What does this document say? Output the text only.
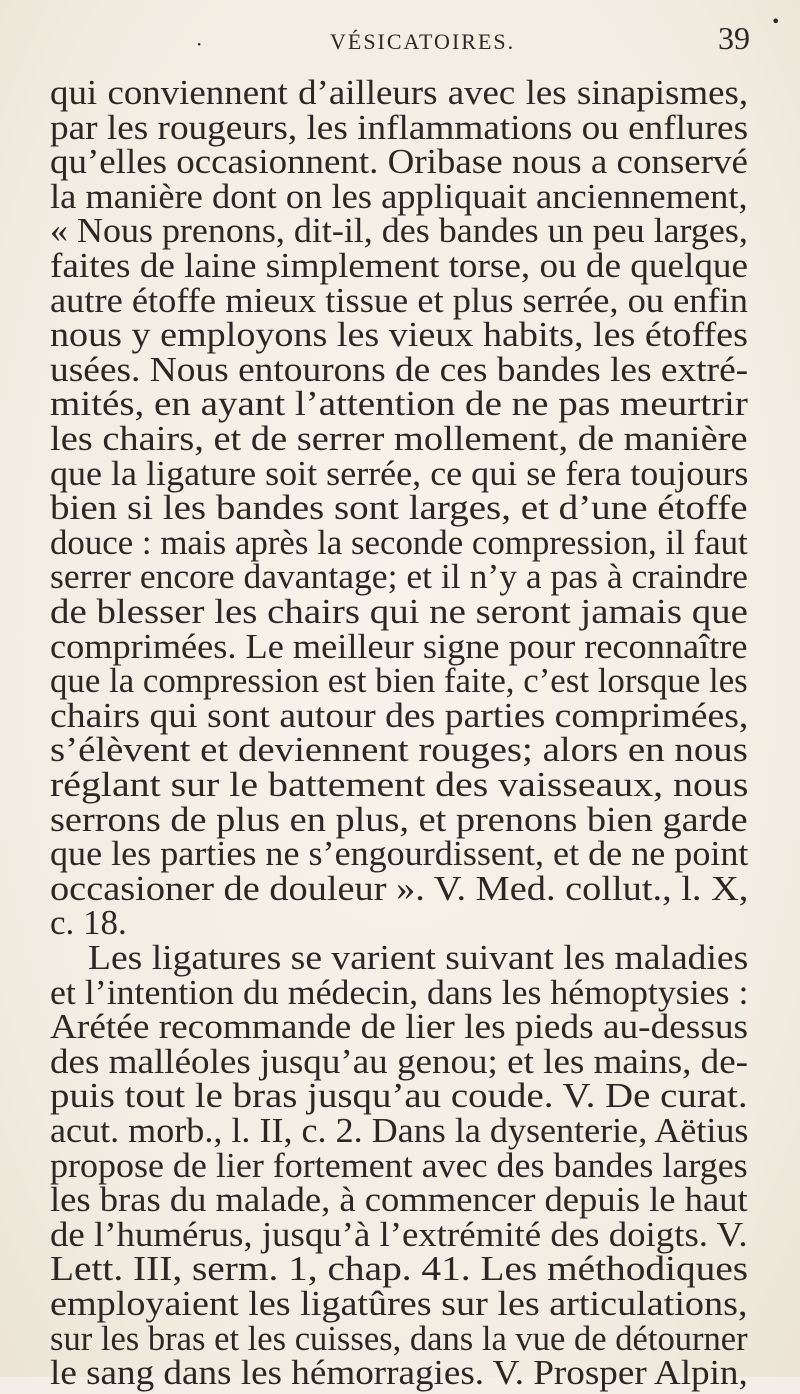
·	VÉSICATOIRES.	39 •
qui conviennent d’ailleurs avec les sinapismes,
par les rougeurs, les inflammations ou enflures
qu’elles occasionnent. Oribase nous a conservé
la manière dont on les appliquait anciennement,
« Nous prenons, dit-il, des bandes un peu larges,
faites de laine simplement torse, ou de quelque
autre étoffe mieux tissue et plus serrée, ou enfin
nous y employons les vieux habits, les étoffes
usées. Nous entourons de ces bandes les extré-
mités, en ayant l’attention de ne pas meurtrir
les chairs, et de serrer mollement, de manière
que la ligature soit serrée, ce qui se fera toujours
bien si les bandes sont larges, et d’une étoffe
douce : mais après la seconde compression, il faut
serrer encore davantage; et il n’y a pas à craindre
de blesser les chairs qui ne seront jamais que
comprimées. Le meilleur signe pour reconnaître
que la compression est bien faite, c’est lorsque les
chairs qui sont autour des parties comprimées,
s’élèvent et deviennent rouges; alors en nous
réglant sur le battement des vaisseaux, nous
serrons de plus en plus, et prenons bien garde
que les parties ne s’engourdissent, et de ne point
occasioner de douleur ». V. Med. collut., l. X,
c. 18.
Les ligatures se varient suivant les maladies
et l’intention du médecin, dans les hémoptysies :
Arétée recommande de lier les pieds au-dessus
des malléoles jusqu’au genou; et les mains, de-
puis tout le bras jusqu’au coude. V. De curat.
acut. morb., l. II, c. 2. Dans la dysenterie, Aëtius
propose de lier fortement avec des bandes larges
les bras du malade, à commencer depuis le haut
de l’humérus, jusqu’à l’extrémité des doigts. V.
Lett. III, serm. 1, chap. 41. Les méthodiques
employaient les ligatûres sur les articulations,
sur les bras et les cuisses, dans la vue de détourner
le sang dans les hémorragies. V. Prosper Alpin,
